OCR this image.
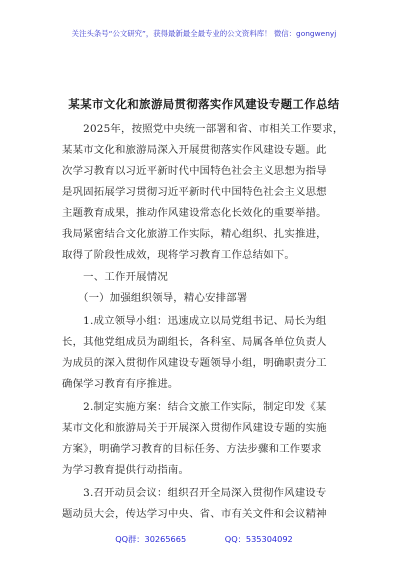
关注头条号“公文研究”，获得最新最全最专业的公文资料库！ 微信：gongwenyj
某某市文化和旅游局贯彻落实作风建设专题工作总结
　　2025年，按照党中央统一部署和省、市相关工作要求，
某某市文化和旅游局深入开展贯彻落实作风建设专题。此
次学习教育以习近平新时代中国特色社会主义思想为指导
是巩固拓展学习贯彻习近平新时代中国特色社会主义思想
主题教育成果，推动作风建设常态化长效化的重要举措。
我局紧密结合文化旅游工作实际，精心组织、扎实推进，
取得了阶段性成效，现将学习教育工作总结如下。
　　一、工作开展情况
　　（一）加强组织领导，精心安排部署
　　1.成立领导小组：迅速成立以局党组书记、局长为组
长，其他党组成员为副组长，各科室、局属各单位负责人
为成员的深入贯彻作风建设专题领导小组，明确职责分工
确保学习教育有序推进。
　　2.制定实施方案：结合文旅工作实际，制定印发《某
某市文化和旅游局关于开展深入贯彻作风建设专题的实施
方案》，明确学习教育的目标任务、方法步骤和工作要求
为学习教育提供行动指南。
　　3.召开动员会议：组织召开全局深入贯彻作风建设专
题动员大会，传达学习中央、省、市有关文件和会议精神
QQ群：30265665	QQ：535304092
